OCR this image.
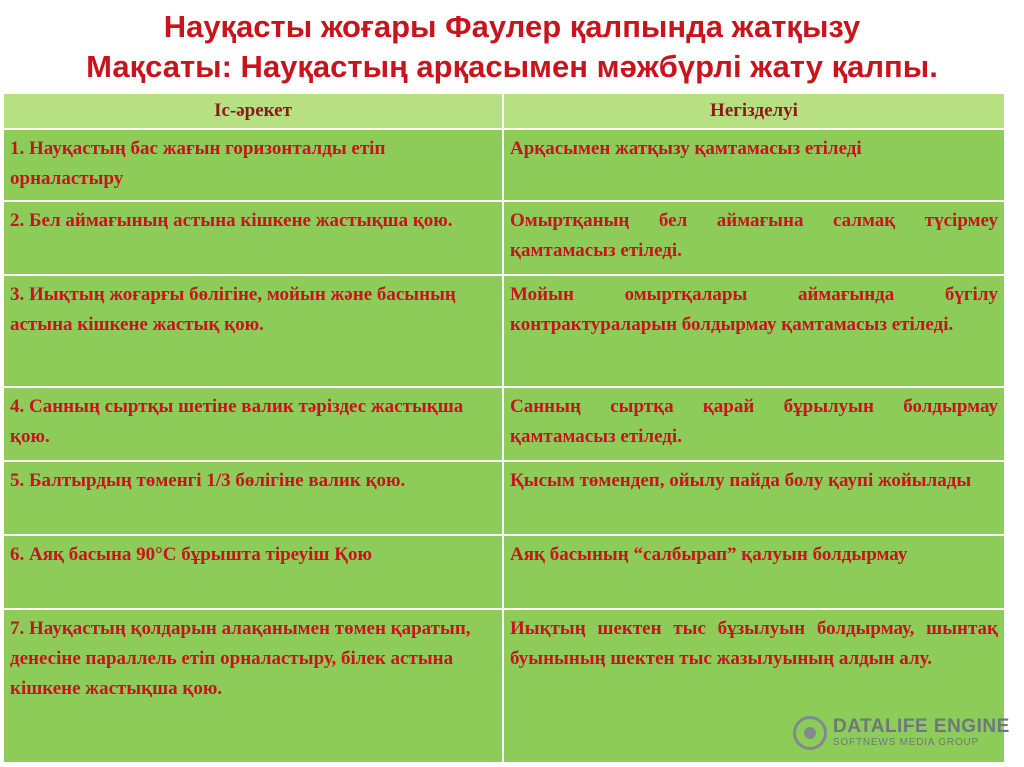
Науқасты жоғары Фаулер қалпында жатқызу
Мақсаты: Науқастың арқасымен мәжбүрлі жату қалпы.
Іс-әрекет	Негізделуі
1. Науқастың бас жағын горизонталды етіп орналастыру	Арқасымен жатқызу қамтамасыз етіледі
2. Бел аймағының астына кішкене жастықша қою.	Омыртқаның бел аймағына салмақ түсірмеу қамтамасыз етіледі.
3. Иықтың жоғарғы бөлігіне, мойын және басының астына кішкене жастық қою.	Мойын омыртқалары аймағында бүгілу контрактураларын болдырмау қамтамасыз етіледі.
4. Санның сыртқы шетіне валик тәріздес жастықша қою.	Санның сыртқа қарай бұрылуын болдырмау қамтамасыз етіледі.
5. Балтырдың төменгі 1/3 бөлігіне валик қою.	Қысым төмендеп, ойылу пайда болу қаупі жойылады
6. Аяқ басына 90°С бұрышта тіреуіш Қою	Аяқ басының “салбырап” қалуын болдырмау
7. Науқастың қолдарын алақанымен төмен қаратып, денесіне параллель етіп орналастыру, білек астына кішкене жастықша қою.	Иықтың шектен тыс бұзылуын болдырмау, шынтақ буынының шектен тыс жазылуының алдын алу.
DATALIFE ENGINE
SOFTNEWS MEDIA GROUP
